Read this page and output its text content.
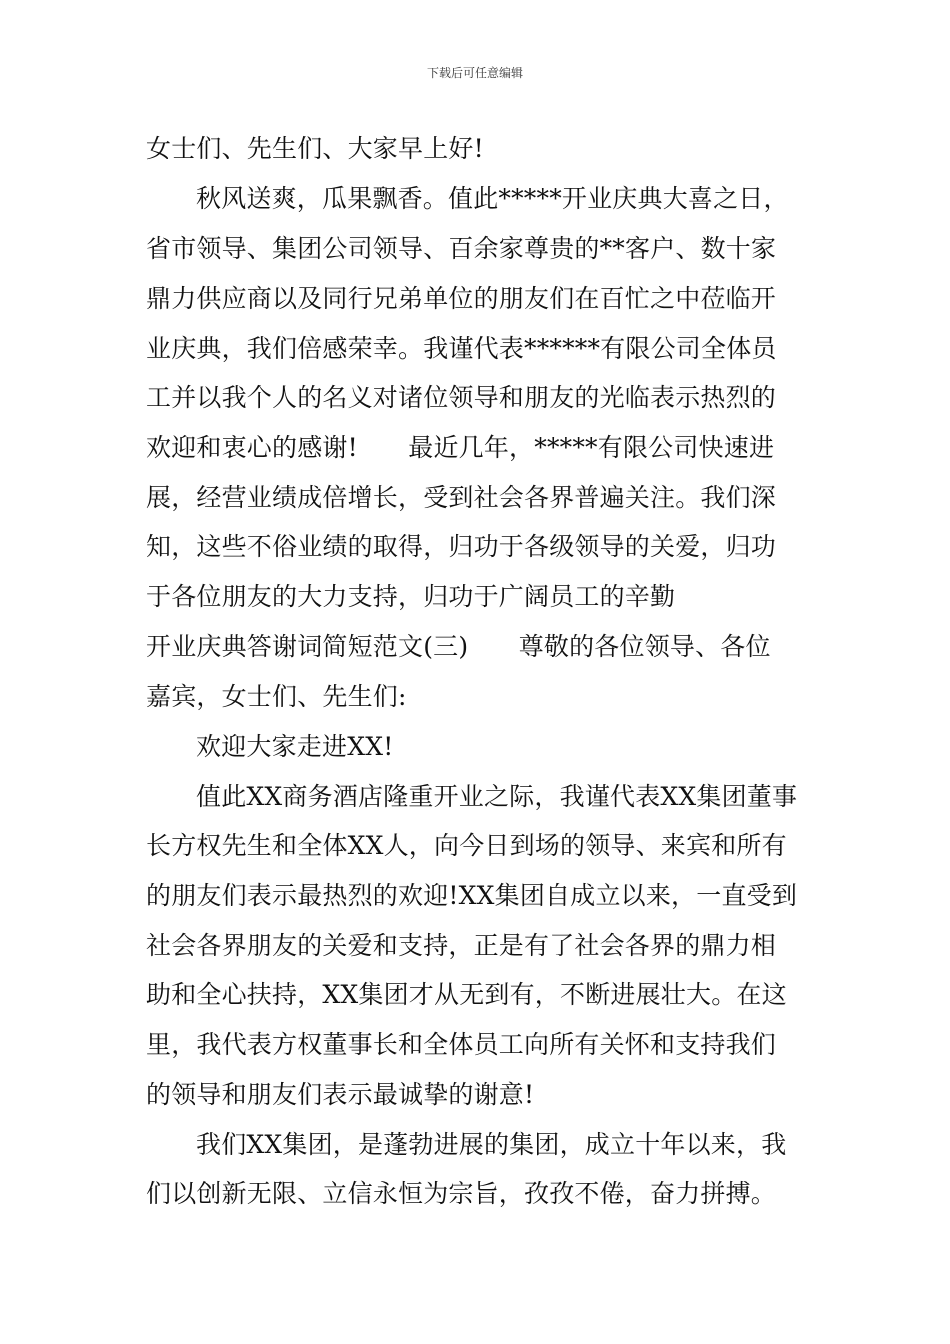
下载后可任意编辑
女士们、先生们、大家早上好!
秋风送爽，瓜果飘香。值此*****开业庆典大喜之日，
省市领导、集团公司领导、百余家尊贵的**客户、数十家
鼎力供应商以及同行兄弟单位的朋友们在百忙之中莅临开
业庆典，我们倍感荣幸。我谨代表******有限公司全体员
工并以我个人的名义对诸位领导和朋友的光临表示热烈的
欢迎和衷心的感谢!　　最近几年，*****有限公司快速进
展，经营业绩成倍增长，受到社会各界普遍关注。我们深
知，这些不俗业绩的取得，归功于各级领导的关爱，归功
于各位朋友的大力支持，归功于广阔员工的辛勤
开业庆典答谢词简短范文(三)　　尊敬的各位领导、各位
嘉宾，女士们、先生们:
欢迎大家走进XX!
值此XX商务酒店隆重开业之际，我谨代表XX集团董事
长方权先生和全体XX人，向今日到场的领导、来宾和所有
的朋友们表示最热烈的欢迎!XX集团自成立以来，一直受到
社会各界朋友的关爱和支持，正是有了社会各界的鼎力相
助和全心扶持，XX集团才从无到有，不断进展壮大。在这
里，我代表方权董事长和全体员工向所有关怀和支持我们
的领导和朋友们表示最诚挚的谢意!
我们XX集团，是蓬勃进展的集团，成立十年以来，我
们以创新无限、立信永恒为宗旨，孜孜不倦，奋力拼搏。
